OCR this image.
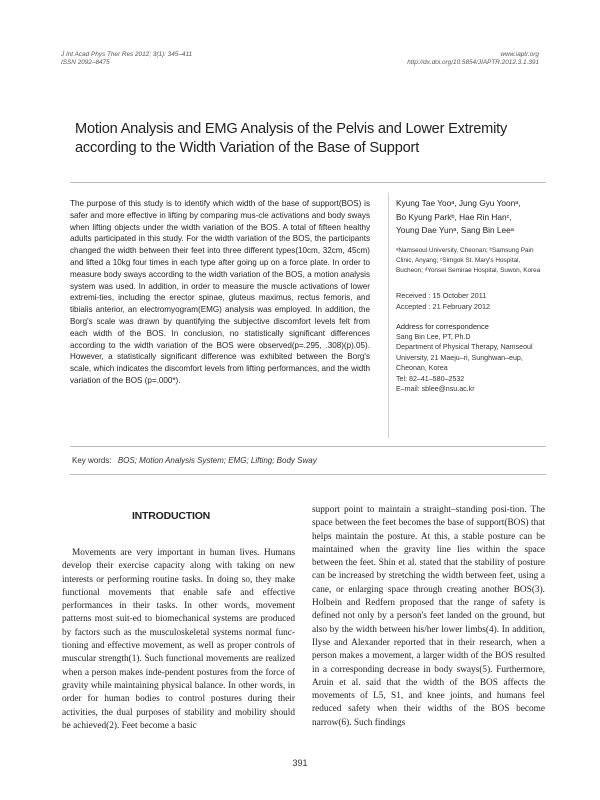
J Int Acad Phys Ther Res 2012; 3(1): 345–411
ISSN 2092–8475
www.iaptr.org
http://dx.doi.org/10.5854/JIAPTR.2012.3.1.391
Motion Analysis and EMG Analysis of the Pelvis and Lower Extremity
according to the Width Variation of the Base of Support
The purpose of this study is to identify which width of the base of support(BOS) is safer and more effective in lifting by comparing mus-cle activations and body sways when lifting objects under the width variation of the BOS. A total of fifteen healthy adults participated in this study. For the width variation of the BOS, the participants changed the width between their feet into three different types(10cm, 32cm, 45cm) and lifted a 10kg four times in each type after going up on a force plate. In order to measure body sways according to the width variation of the BOS, a motion analysis system was used. In addition, in order to measure the muscle activations of lower extremi-ties, including the erector spinae, gluteus maximus, rectus femoris, and tibialis anterior, an electromyogram(EMG) analysis was employed. In addition, the Borg's scale was drawn by quantifying the subjective discomfort levels felt from each width of the BOS. In conclusion, no statistically significant differences according to the width variation of the BOS were observed(p=.295, .308)(p).05). However, a statistically significant difference was exhibited between the Borg's scale, which indicates the discomfort levels from lifting performances, and the width variation of the BOS (p=.000*).
Kyung Tae Yooᵃ, Jung Gyu Yoonᵃ,
Bo Kyung Parkᵇ, Hae Rin Hanᶜ,
Young Dae Yunᵃ, Sang Bin Leeᵃ
ᵃNamseoul University, Cheonan; ᵇSamsung Pain Clinic, Anyang; ᶜSimgok St. Mary's Hospital, Bucheon; ᵈYonsei Semirae Hospital, Suwon, Korea
Received : 15 October 2011
Accepted : 21 February 2012
Address for correspondence
Sang Bin Lee, PT, Ph.D
Department of Physical Therapy, Namseoul University, 21 Maeju–ri, Sunghwan–eup, Cheonan, Korea
Tel: 82–41–580–2532
E–mail: sblee@nsu.ac.kr
Key words: BOS; Motion Analysis System; EMG; Lifting; Body Sway
INTRODUCTION
Movements are very important in human lives. Humans develop their exercise capacity along with taking on new interests or performing routine tasks. In doing so, they make functional movements that enable safe and effective performances in their tasks. In other words, movement patterns most suit-ed to biomechanical systems are produced by factors such as the musculoskeletal systems normal func-tioning and effective movement, as well as proper controls of muscular strength(1). Such functional movements are realized when a person makes inde-pendent postures from the force of gravity while maintaining physical balance. In other words, in order for human bodies to control postures during their activities, the dual purposes of stability and mobility should be achieved(2). Feet become a basic
support point to maintain a straight–standing posi-tion. The space between the feet becomes the base of support(BOS) that helps maintain the posture. At this, a stable posture can be maintained when the gravity line lies within the space between the feet. Shin et al. stated that the stability of posture can be increased by stretching the width between feet, using a cane, or enlarging space through creating another BOS(3). Holbein and Redfern proposed that the range of safety is defined not only by a person's feet landed on the ground, but also by the width between his/her lower limbs(4). In addition, Ilyse and Alexander reported that in their research, when a person makes a movement, a larger width of the BOS resulted in a corresponding decrease in body sways(5). Furthermore, Aruin et al. said that the width of the BOS affects the movements of L5, S1, and knee joints, and humans feel reduced safety when their widths of the BOS become narrow(6). Such findings
391
